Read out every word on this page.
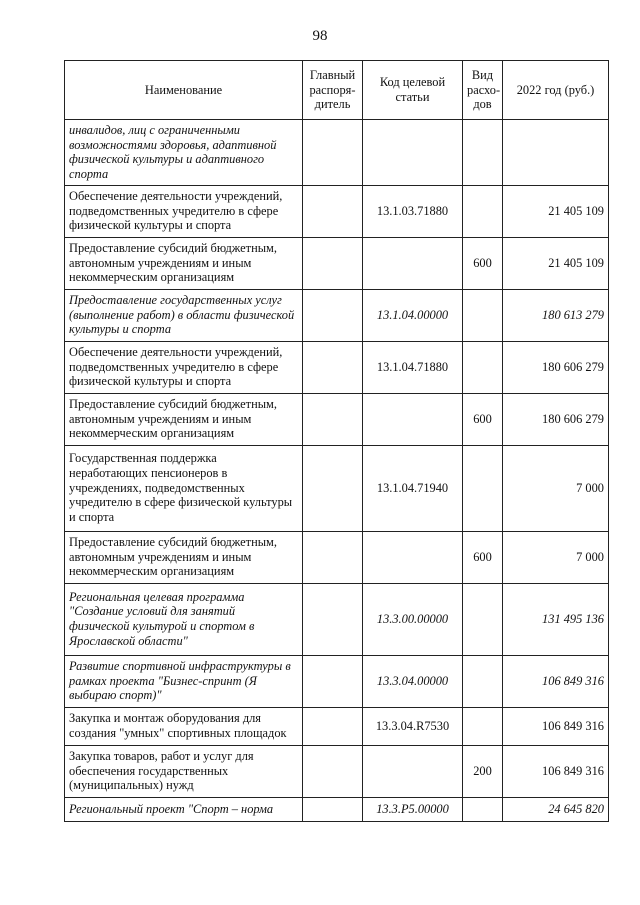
98
Наименование	Главный распоря-дитель	Код целевой статьи	Вид расхо-дов	2022 год (руб.)
инвалидов, лиц с ограниченными возможностями здоровья, адаптивной физической культуры и адаптивного спорта				
Обеспечение деятельности учреждений, подведомственных учредителю в сфере физической культуры и спорта		13.1.03.71880		21 405 109
Предоставление субсидий бюджетным, автономным учреждениям и иным некоммерческим организациям			600	21 405 109
Предоставление государственных услуг (выполнение работ) в области физической культуры и спорта		13.1.04.00000		180 613 279
Обеспечение деятельности учреждений, подведомственных учредителю в сфере физической культуры и спорта		13.1.04.71880		180 606 279
Предоставление субсидий бюджетным, автономным учреждениям и иным некоммерческим организациям			600	180 606 279
Государственная поддержка неработающих пенсионеров в учреждениях, подведомственных учредителю в сфере физической культуры и спорта		13.1.04.71940		7 000
Предоставление субсидий бюджетным, автономным учреждениям и иным некоммерческим организациям			600	7 000
Региональная целевая программа "Создание условий для занятий физической культурой и спортом в Ярославской области"		13.3.00.00000		131 495 136
Развитие спортивной инфраструктуры в рамках проекта "Бизнес-спринт (Я выбираю спорт)"		13.3.04.00000		106 849 316
Закупка и монтаж оборудования для создания "умных" спортивных площадок		13.3.04.R7530		106 849 316
Закупка товаров, работ и услуг для обеспечения государственных (муниципальных) нужд			200	106 849 316
Региональный проект "Спорт – норма		13.3.P5.00000		24 645 820
